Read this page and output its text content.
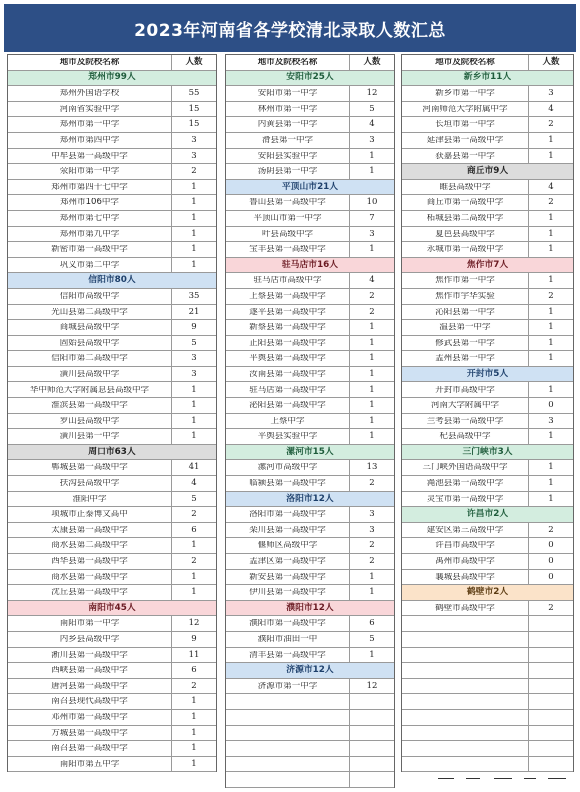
2023年河南省各学校清北录取人数汇总
地市及院校名称	人数
郑州市99人
郑州外国语学校	55
河南省实验中学	15
郑州市第一中学	15
郑州市第四中学	3
中牟县第一高级中学	3
荥阳市第一中学	2
郑州市第四十七中学	1
郑州市106中学	1
郑州市第七中学	1
郑州市第九中学	1
新密市第一高级中学	1
巩义市第二中学	1
信阳市80人
信阳市高级中学	35
光山县第二高级中学	21
商城县高级中学	9
固始县高级中学	5
信阳市第二高级中学	3
潢川县高级中学	3
华中师范大学附属息县高级中学	1
淮滨县第一高级中学	1
罗山县高级中学	1
潢川县第一中学	1
周口市63人
郸城县第一高级中学	41
扶沟县高级中学	4
淮阳中学	5
项城市正泰博文高中	2
太康县第一高级中学	6
商水县第二高级中学	1
西华县第一高级中学	2
商水县第一高级中学	1
沈丘县第一高级中学	1
南阳市45人
南阳市第一中学	12
内乡县高级中学	9
淅川县第一高级中学	11
西峡县第一高级中学	6
唐河县第一高级中学	2
南召县现代高级中学	1
邓州市第一高级中学	1
方城县第一高级中学	1
南召县第一高级中学	1
南阳市第五中学	1
地市及院校名称	人数
安阳市25人
安阳市第一中学	12
林州市第一中学	5
内黄县第一中学	4
滑县第一中学	3
安阳县实验中学	1
汤阴县第一中学	1
平顶山市21人
鲁山县第一高级中学	10
平顶山市第一中学	7
叶县高级中学	3
宝丰县第一高级中学	1
驻马店市16人
驻马店市高级中学	4
上蔡县第一高级中学	2
遂平县第一高级中学	2
新蔡县第一高级中学	1
正阳县第一高级中学	1
平舆县第一高级中学	1
汝南县第一高级中学	1
驻马店第一高级中学	1
泌阳县第一高级中学	1
上蔡中学	1
平舆县实验中学	1
漯河市15人
漯河市高级中学	13
临颍县第一高级中学	2
洛阳市12人
洛阳市第一高级中学	3
栾川县第一高级中学	3
偃师区高级中学	2
孟津区第一高级中学	2
新安县第一高级中学	1
伊川县第一高级中学	1
濮阳市12人
濮阳市第一高级中学	6
濮阳市油田一中	5
清丰县第一高级中学	1
济源市12人
济源市第一中学	12
地市及院校名称	人数
新乡市11人
新乡市第一中学	3
河南师范大学附属中学	4
长垣市第一中学	2
延津县第一高级中学	1
获嘉县第一中学	1
商丘市9人
睢县高级中学	4
商丘市第一高级中学	2
柘城县第二高级中学	1
夏邑县高级中学	1
永城市第一高级中学	1
焦作市7人
焦作市第一中学	1
焦作市宇华实验	2
沁阳县第一中学	1
温县第一中学	1
修武县第一中学	1
孟州县第一中学	1
开封市5人
开封市高级中学	1
河南大学附属中学	0
兰考县第一高级中学	3
杞县高级中学	1
三门峡市3人
三门峡外国语高级中学	1
渑池县第一高级中学	1
灵宝市第一高级中学	1
许昌市2人
建安区第三高级中学	2
许昌市高级中学	0
禹州市高级中学	0
襄城县高级中学	0
鹤壁市2人
鹤壁市高级中学	2
